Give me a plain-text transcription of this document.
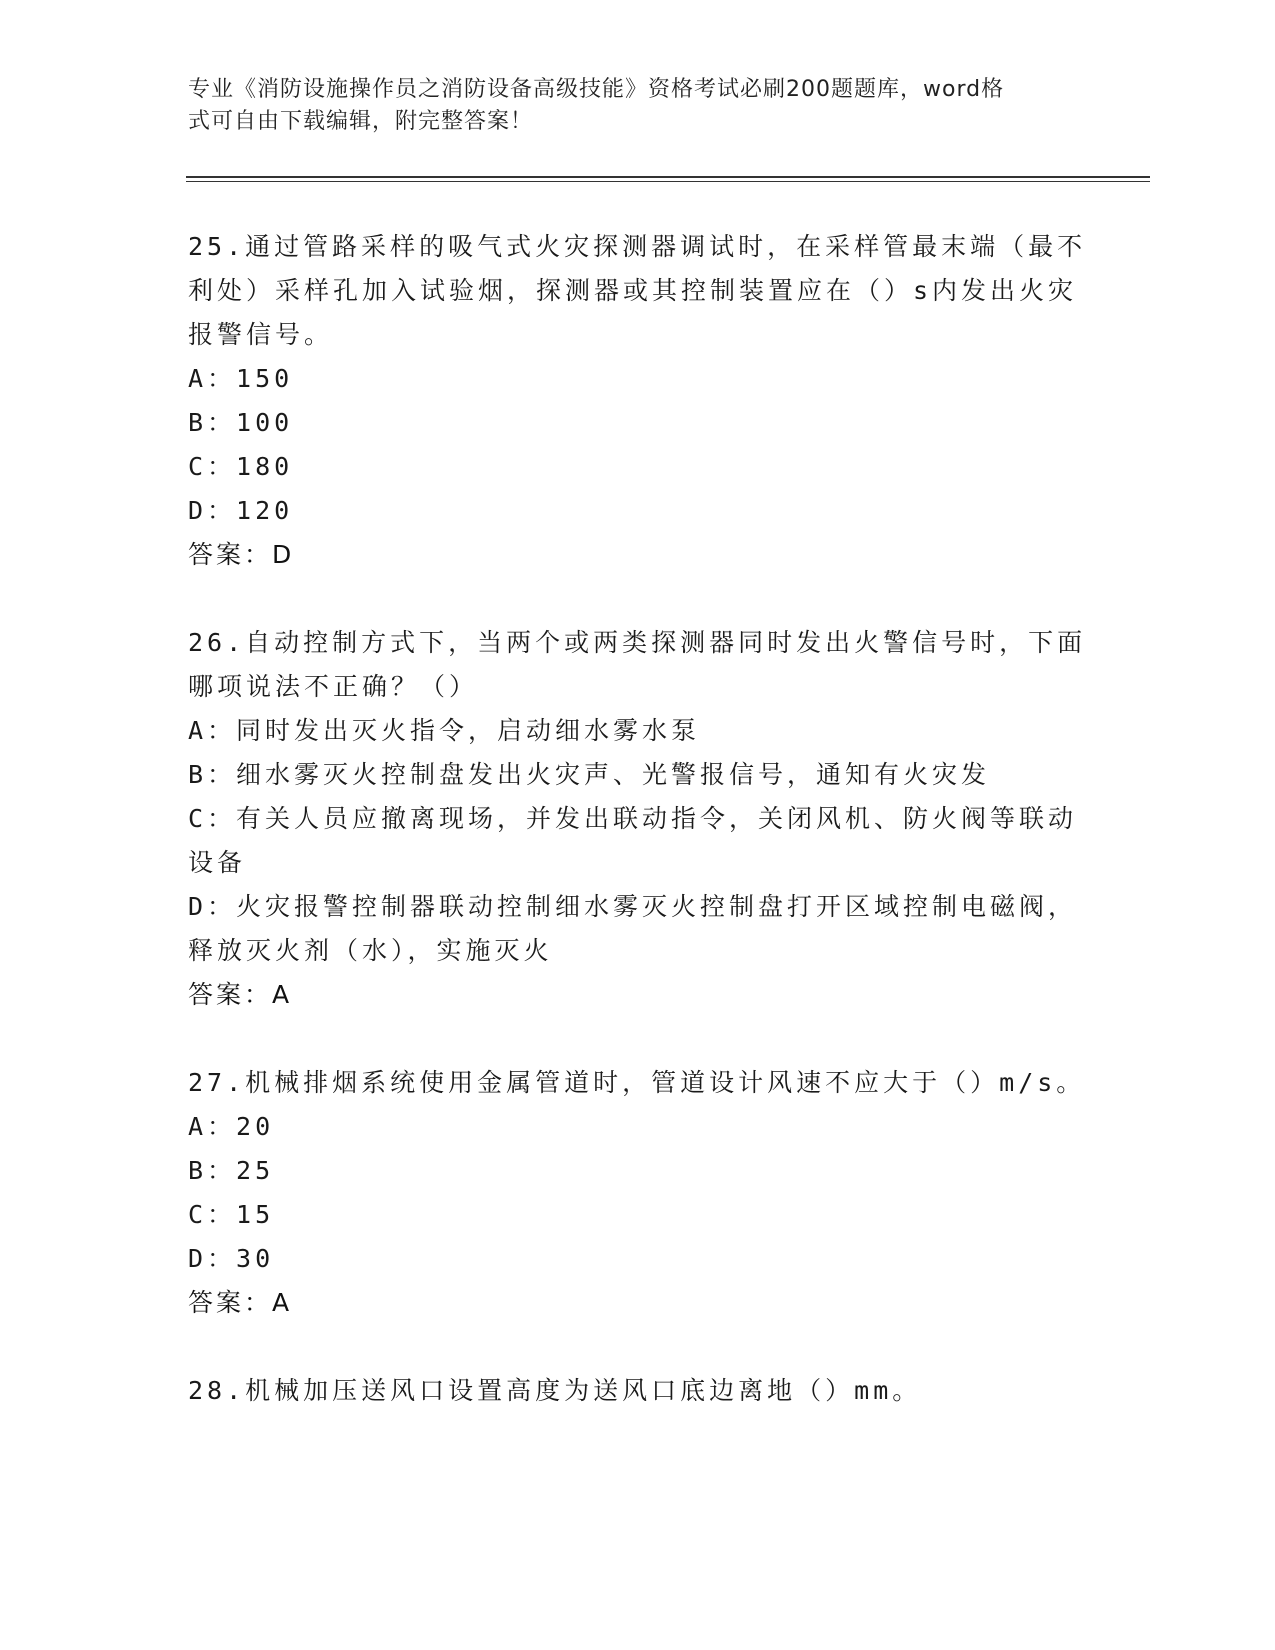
专业《消防设施操作员之消防设备高级技能》资格考试必刷200题题库，word格
式可自由下载编辑，附完整答案！
25.通过管路采样的吸气式火灾探测器调试时，在采样管最末端（最不
利处）采样孔加入试验烟，探测器或其控制装置应在（）s内发出火灾
报警信号。
A：150
B：100
C：180
D：120
答案：D
26.自动控制方式下，当两个或两类探测器同时发出火警信号时，下面
哪项说法不正确？（）
A：同时发出灭火指令，启动细水雾水泵
B：细水雾灭火控制盘发出火灾声、光警报信号，通知有火灾发
C：有关人员应撤离现场，并发出联动指令，关闭风机、防火阀等联动
设备
D：火灾报警控制器联动控制细水雾灭火控制盘打开区域控制电磁阀，
释放灭火剂（水），实施灭火
答案：A
27.机械排烟系统使用金属管道时，管道设计风速不应大于（）m/s。
A：20
B：25
C：15
D：30
答案：A
28.机械加压送风口设置高度为送风口底边离地（）mm。
